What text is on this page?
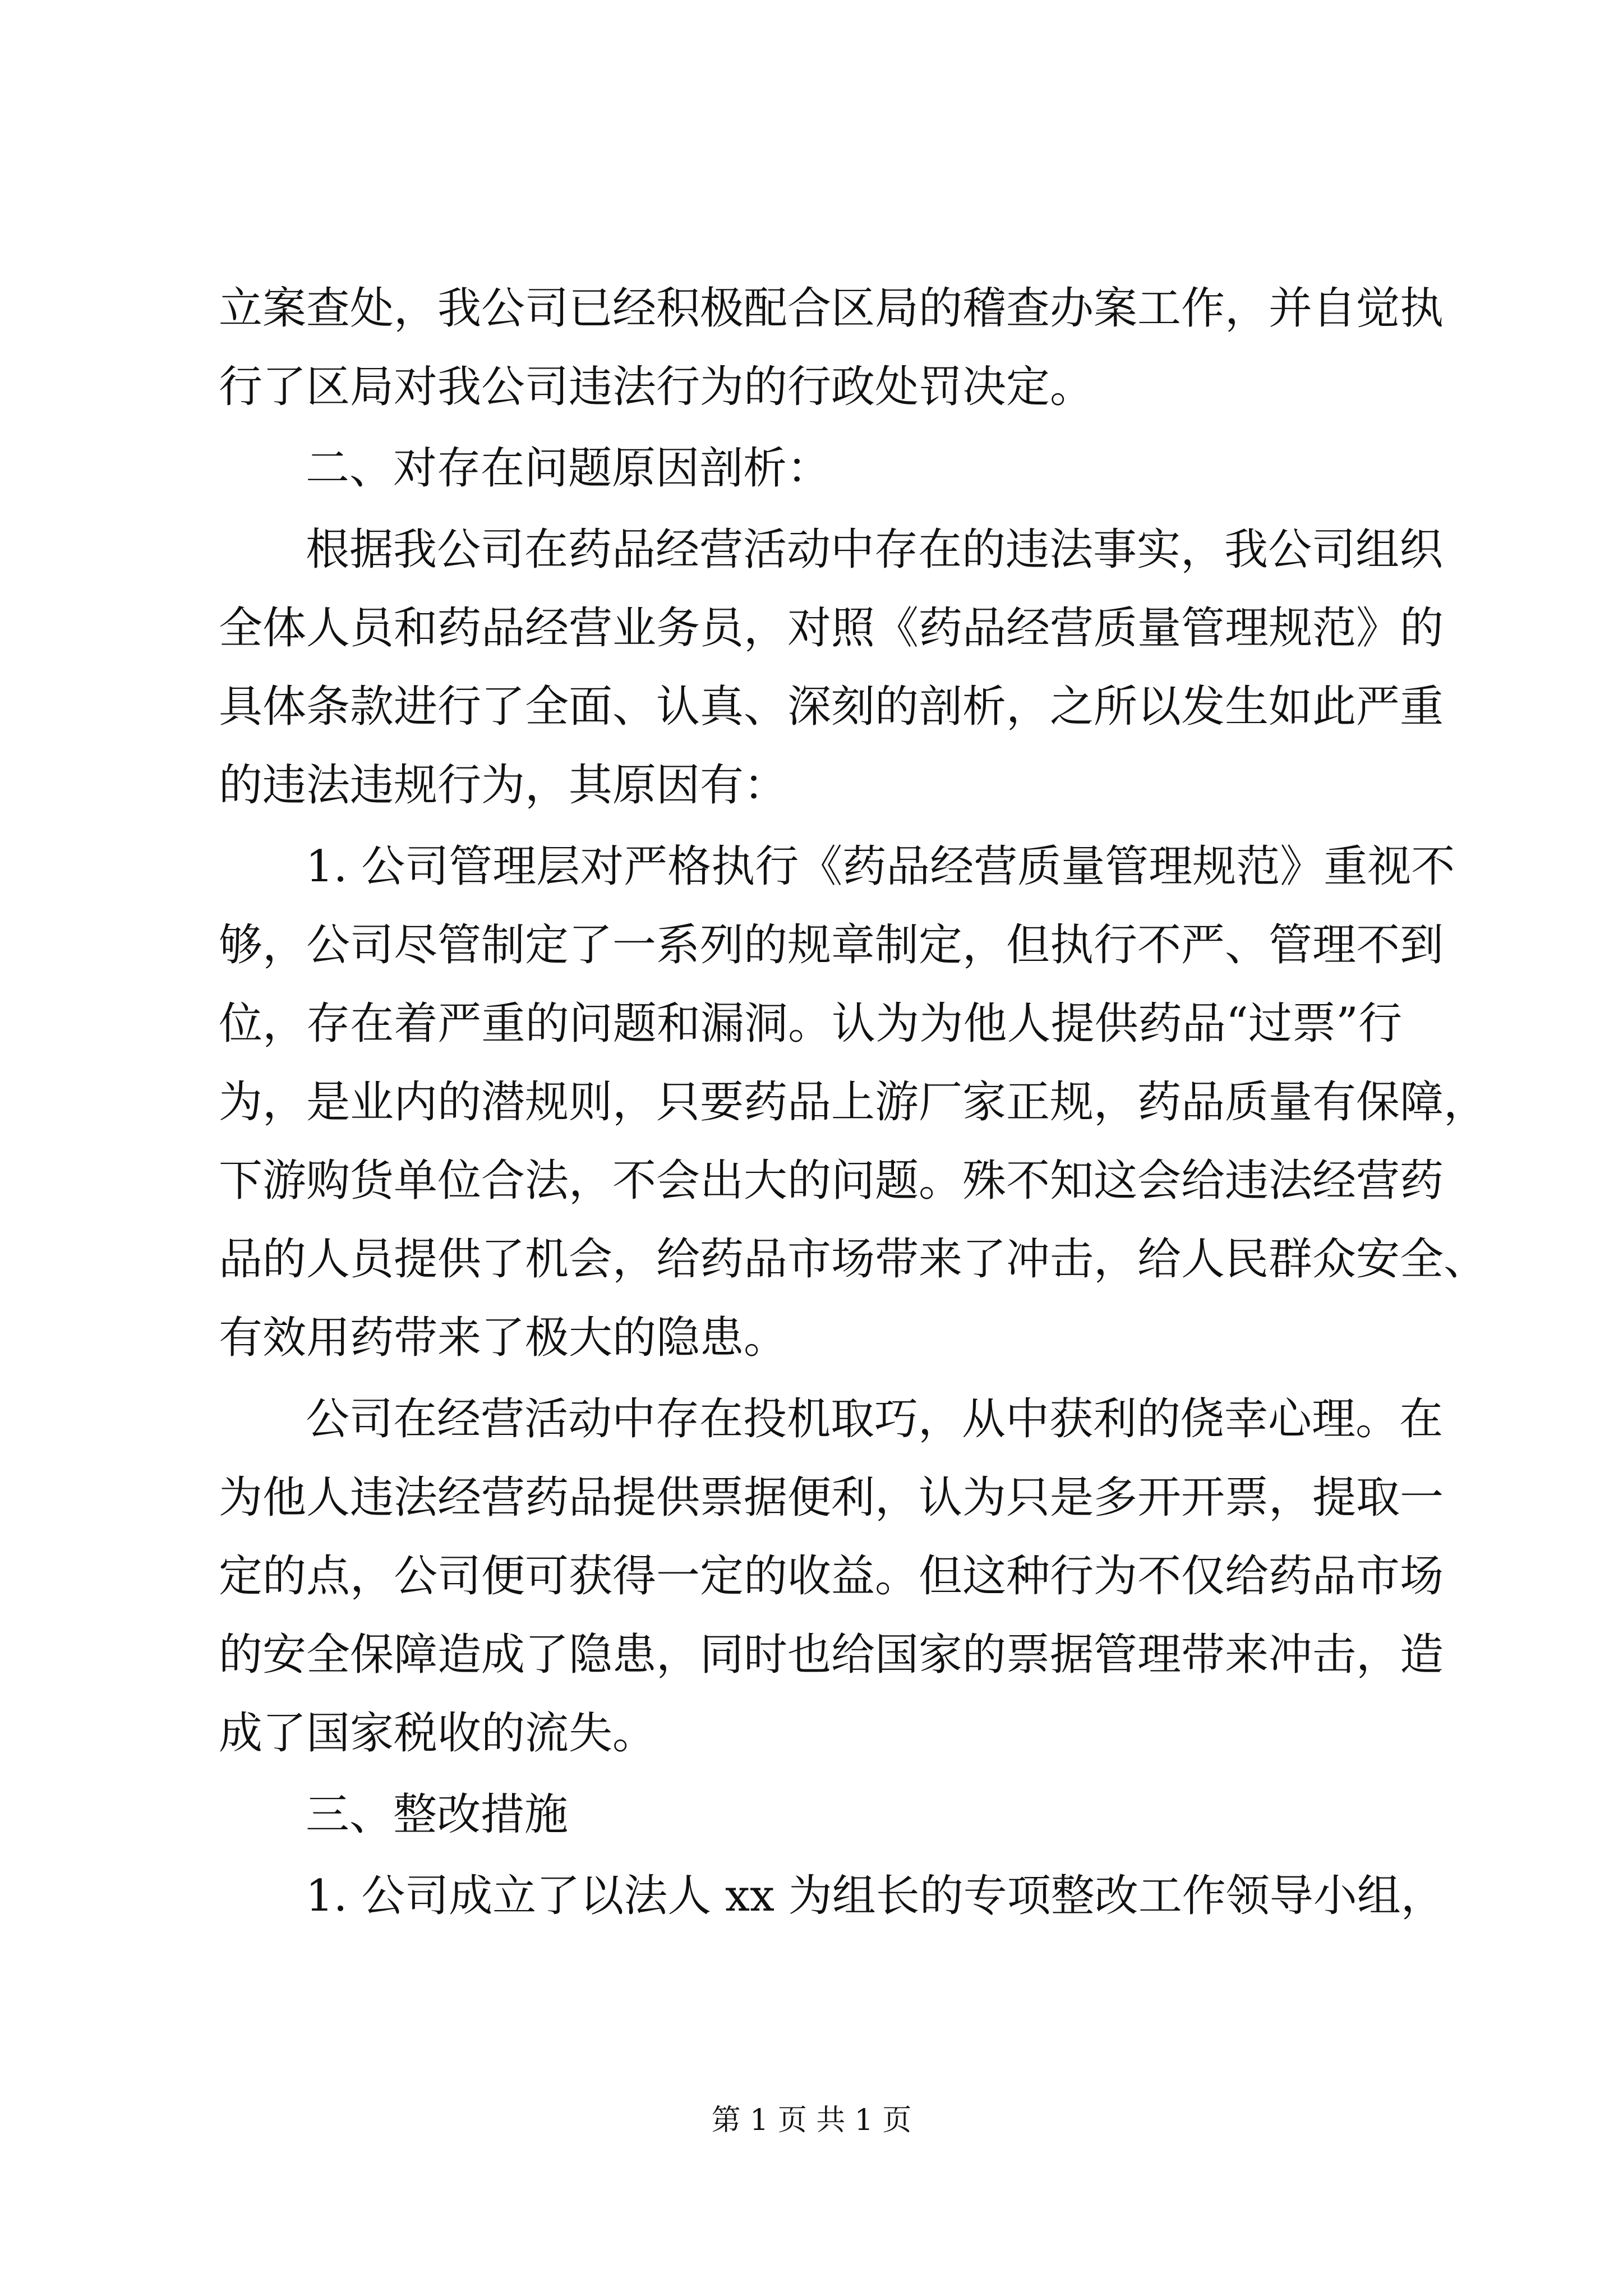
立案查处，我公司已经积极配合区局的稽查办案工作，并自觉执
行了区局对我公司违法行为的行政处罚决定。
二、对存在问题原因剖析：
根据我公司在药品经营活动中存在的违法事实，我公司组织
全体人员和药品经营业务员，对照《药品经营质量管理规范》的
具体条款进行了全面、认真、深刻的剖析，之所以发生如此严重
的违法违规行为，其原因有：
1. 公司管理层对严格执行《药品经营质量管理规范》重视不
够，公司尽管制定了一系列的规章制定，但执行不严、管理不到
位，存在着严重的问题和漏洞。认为为他人提供药品“过票”行
为，是业内的潜规则，只要药品上游厂家正规，药品质量有保障，
下游购货单位合法，不会出大的问题。殊不知这会给违法经营药
品的人员提供了机会，给药品市场带来了冲击，给人民群众安全、
有效用药带来了极大的隐患。
公司在经营活动中存在投机取巧，从中获利的侥幸心理。在
为他人违法经营药品提供票据便利，认为只是多开开票，提取一
定的点，公司便可获得一定的收益。但这种行为不仅给药品市场
的安全保障造成了隐患，同时也给国家的票据管理带来冲击，造
成了国家税收的流失。
三、整改措施
1. 公司成立了以法人 xx 为组长的专项整改工作领导小组，
第 1 页 共 1 页
